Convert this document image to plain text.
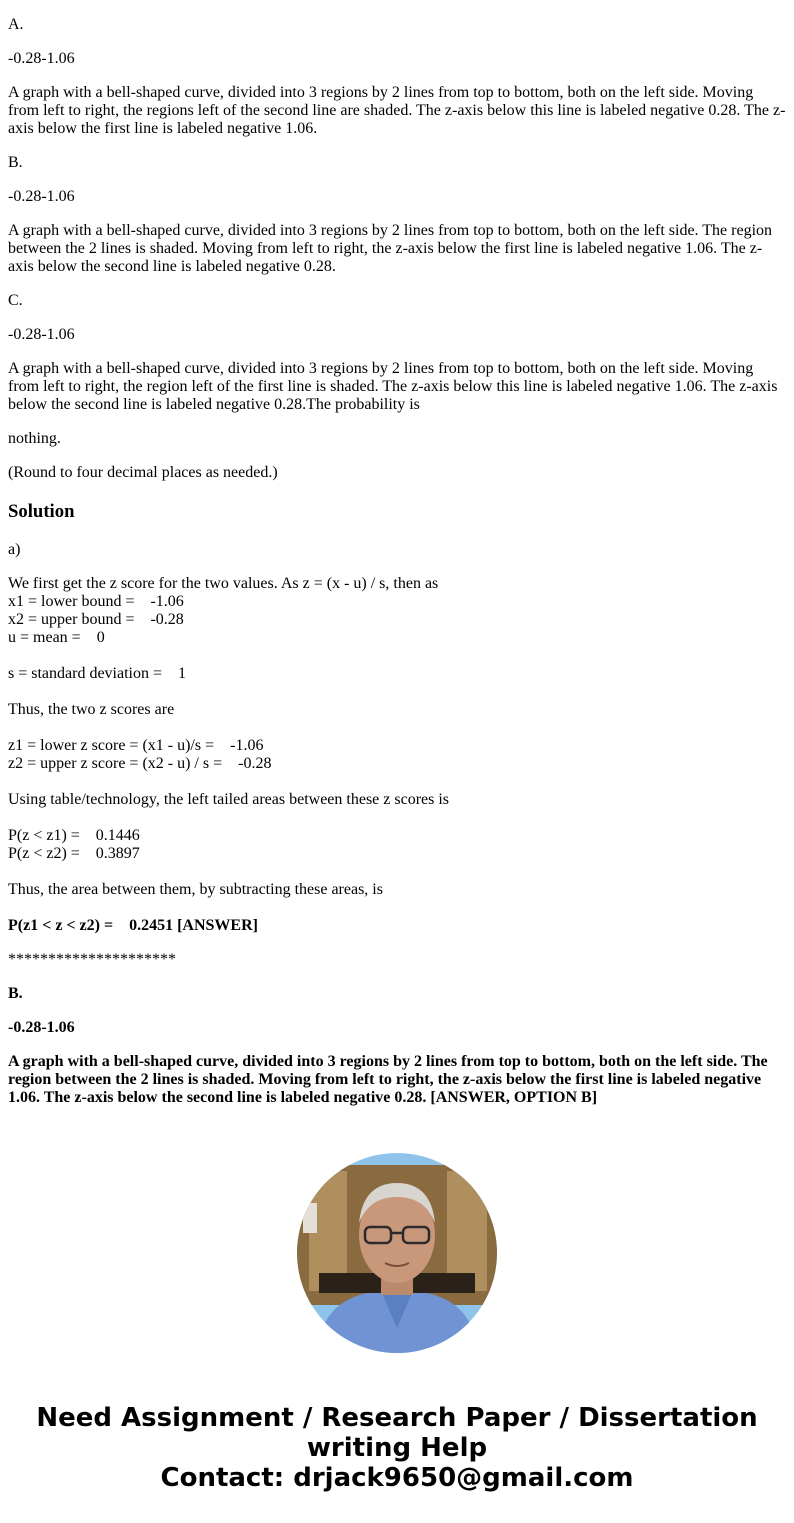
A.

-0.28-1.06

A graph with a bell-shaped curve, divided into 3 regions by 2 lines from top to bottom, both on the left side. Moving from left to right, the regions left of the second line are shaded. The z-axis below this line is labeled negative 0.28. The z-axis below the first line is labeled negative 1.06.

B.

-0.28-1.06

A graph with a bell-shaped curve, divided into 3 regions by 2 lines from top to bottom, both on the left side. The region between the 2 lines is shaded. Moving from left to right, the z-axis below the first line is labeled negative 1.06. The z-axis below the second line is labeled negative 0.28.

C.

-0.28-1.06

A graph with a bell-shaped curve, divided into 3 regions by 2 lines from top to bottom, both on the left side. Moving from left to right, the region left of the first line is shaded. The z-axis below this line is labeled negative 1.06. The z-axis below the second line is labeled negative 0.28.The probability is

nothing.

(Round to four decimal places as needed.)

Solution

a)

We first get the z score for the two values. As z = (x - u) / s, then as

x1 = lower bound =    -1.06

x2 = upper bound =    -0.28

u = mean =    0

s = standard deviation =    1

Thus, the two z scores are

z1 = lower z score = (x1 - u)/s =    -1.06

z2 = upper z score = (x2 - u) / s =    -0.28

Using table/technology, the left tailed areas between these z scores is

P(z < z1) =    0.1446

P(z < z2) =    0.3897

Thus, the area between them, by subtracting these areas, is

P(z1 < z < z2) =    0.2451 [ANSWER]

*********************

B.

-0.28-1.06

A graph with a bell-shaped curve, divided into 3 regions by 2 lines from top to bottom, both on the left side. The region between the 2 lines is shaded. Moving from left to right, the z-axis below the first line is labeled negative 1.06. The z-axis below the second line is labeled negative 0.28. [ANSWER, OPTION B]

Need Assignment / Research Paper / Dissertation
writing Help
Contact: drjack9650@gmail.com
